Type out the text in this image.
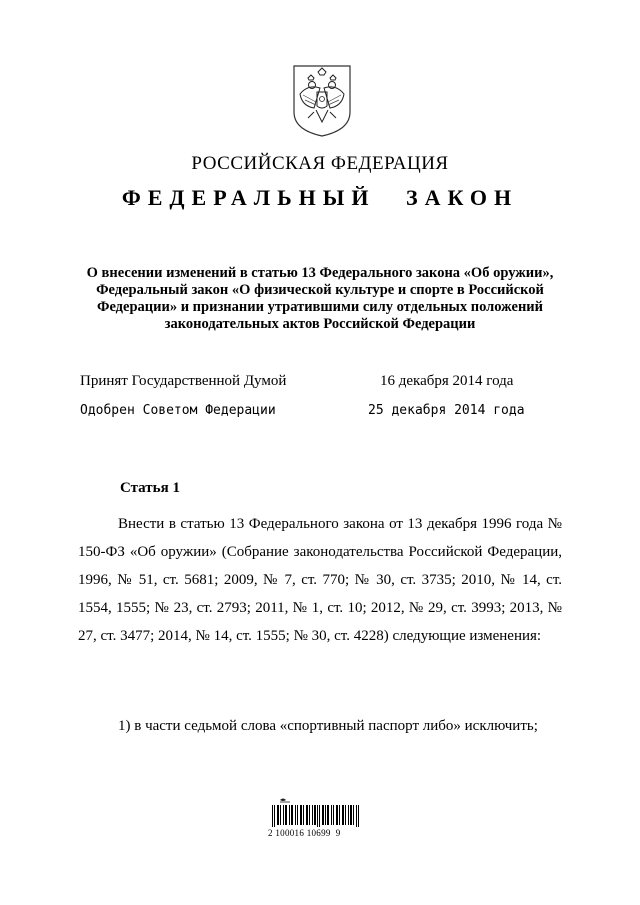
РОССИЙСКАЯ ФЕДЕРАЦИЯ
ФЕДЕРАЛЬНЫЙ ЗАКОН
О внесении изменений в статью 13 Федерального закона «Об оружии»,
Федеральный закон «О физической культуре и спорте в Российской
Федерации» и признании утратившими силу отдельных положений
законодательных актов Российской Федерации
Принят Государственной Думой	16 декабря 2014 года
Одобрен Советом Федерации	25 декабря 2014 года
Статья 1
Внести в статью 13 Федерального закона от 13 декабря 1996 года № 150-ФЗ «Об оружии» (Собрание законодательства Российской Федерации, 1996, № 51, ст. 5681; 2009, № 7, ст. 770; № 30, ст. 3735; 2010, № 14, ст. 1554, 1555; № 23, ст. 2793; 2011, № 1, ст. 10; 2012, № 29, ст. 3993; 2013, № 27, ст. 3477; 2014, № 14, ст. 1555; № 30, ст. 4228) следующие изменения:
1) в части седьмой слова «спортивный паспорт либо» исключить;
2 100016 10699  9
